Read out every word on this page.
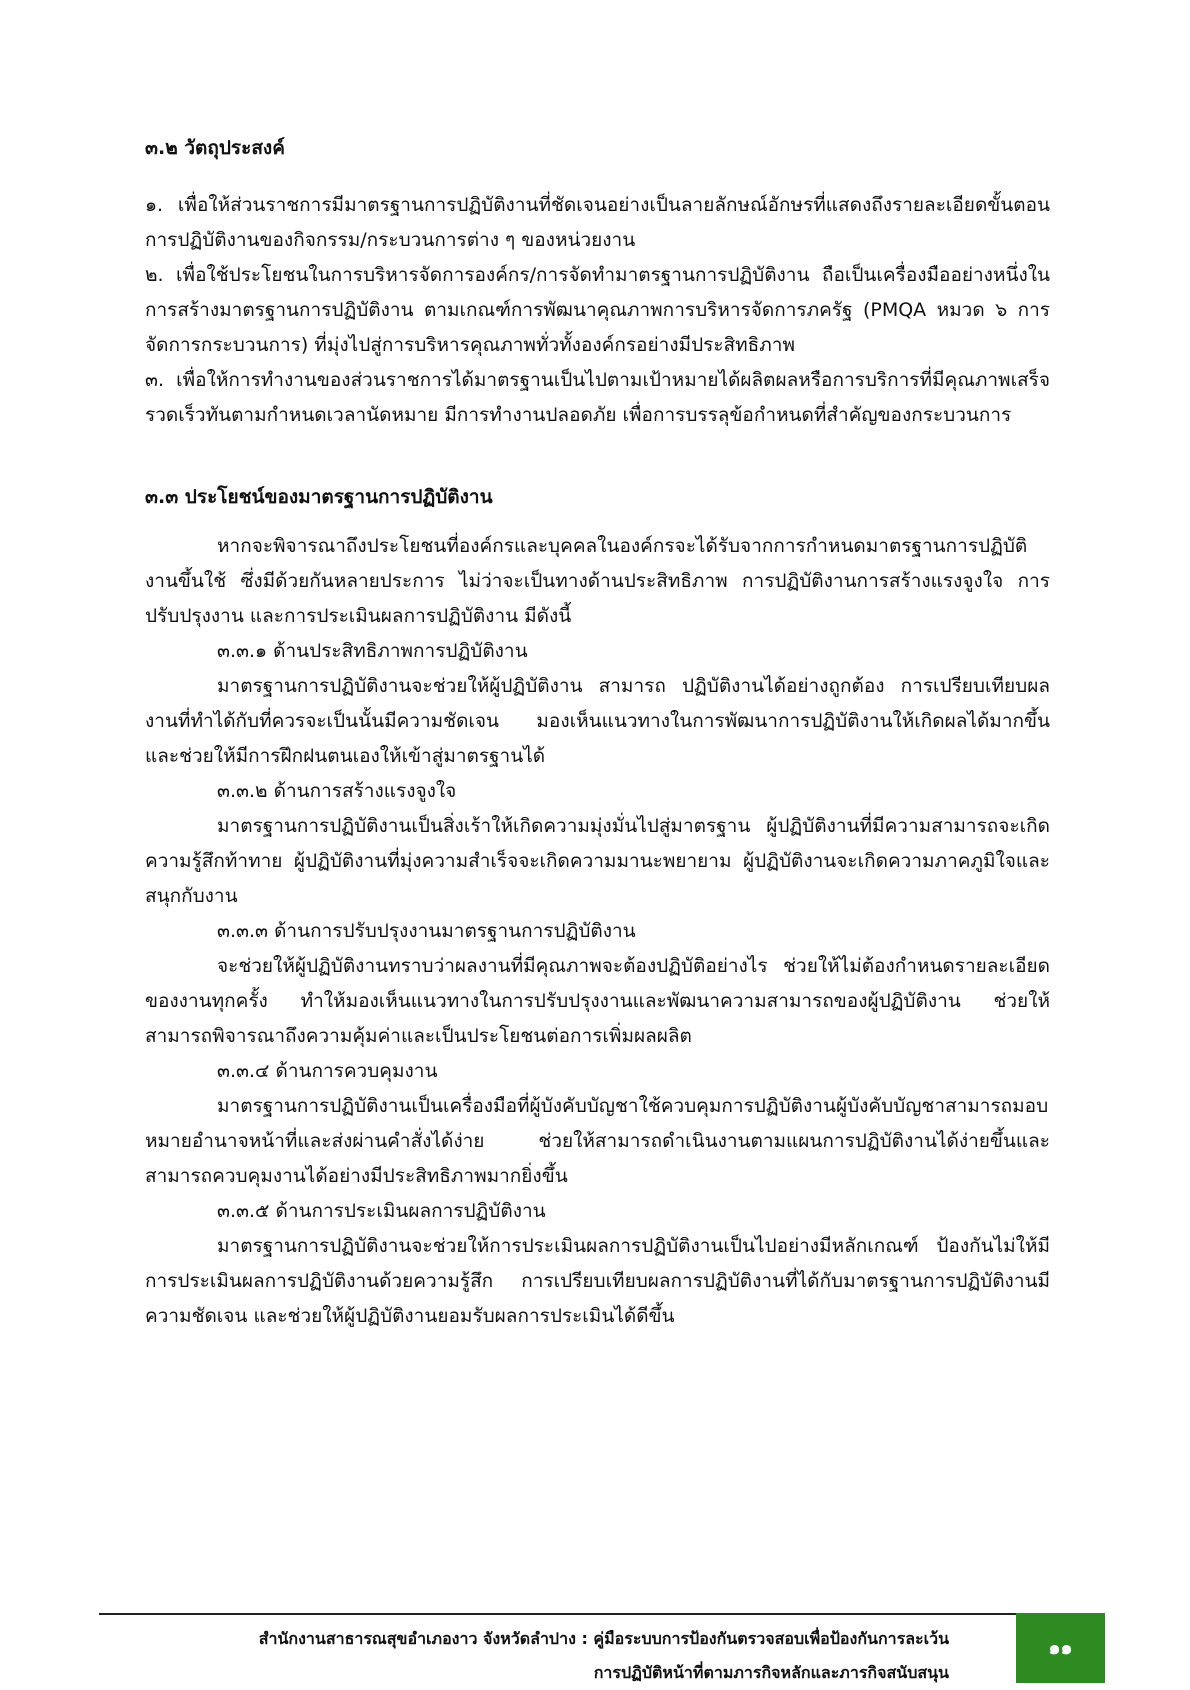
๓.๒ วัตถุประสงค์

๑. เพื่อให้ส่วนราชการมีมาตรฐานการปฏิบัติงานที่ชัดเจนอย่างเป็นลายลักษณ์อักษรที่แสดงถึงรายละเอียดขั้นตอนการปฏิบัติงานของกิจกรรม/กระบวนการต่าง ๆ ของหน่วยงาน

๒. เพื่อใช้ประโยชนในการบริหารจัดการองค์กร/การจัดทำมาตรฐานการปฏิบัติงาน ถือเป็นเครื่องมืออย่างหนึ่งในการสร้างมาตรฐานการปฏิบัติงาน ตามเกณฑ์การพัฒนาคุณภาพการบริหารจัดการภครัฐ (PMQA หมวด ๖ การจัดการกระบวนการ) ที่มุ่งไปสู่การบริหารคุณภาพทั่วทั้งองค์กรอย่างมีประสิทธิภาพ

๓. เพื่อให้การทำงานของส่วนราชการได้มาตรฐานเป็นไปตามเป้าหมายได้ผลิตผลหรือการบริการที่มีคุณภาพเสร็จรวดเร็วทันตามกำหนดเวลานัดหมาย มีการทำงานปลอดภัย เพื่อการบรรลุข้อกำหนดที่สำคัญของกระบวนการ

๓.๓ ประโยชน์ของมาตรฐานการปฏิบัติงาน

หากจะพิจารณาถึงประโยชนที่องค์กรและบุคคลในองค์กรจะได้รับจากการกำหนดมาตรฐานการปฏิบัติงานขึ้นใช้ ซึ่งมีด้วยกันหลายประการ ไม่ว่าจะเป็นทางด้านประสิทธิภาพ การปฏิบัติงานการสร้างแรงจูงใจ การปรับปรุงงาน และการประเมินผลการปฏิบัติงาน มีดังนี้

๓.๓.๑ ด้านประสิทธิภาพการปฏิบัติงาน

มาตรฐานการปฏิบัติงานจะช่วยให้ผู้ปฏิบัติงาน สามารถ ปฏิบัติงานได้อย่างถูกต้อง การเปรียบเทียบผลงานที่ทำได้กับที่ควรจะเป็นนั้นมีความชัดเจน มองเห็นแนวทางในการพัฒนาการปฏิบัติงานให้เกิดผลได้มากขึ้น และช่วยให้มีการฝึกฝนตนเองให้เข้าสู่มาตรฐานได้

๓.๓.๒ ด้านการสร้างแรงจูงใจ

มาตรฐานการปฏิบัติงานเป็นสิ่งเร้าให้เกิดความมุ่งมั่นไปสู่มาตรฐาน ผู้ปฏิบัติงานที่มีความสามารถจะเกิดความรู้สึกท้าทาย ผู้ปฏิบัติงานที่มุ่งความสำเร็จจะเกิดความมานะพยายาม ผู้ปฏิบัติงานจะเกิดความภาคภูมิใจและสนุกกับงาน

๓.๓.๓ ด้านการปรับปรุงงานมาตรฐานการปฏิบัติงาน

จะช่วยให้ผู้ปฏิบัติงานทราบว่าผลงานที่มีคุณภาพจะต้องปฏิบัติอย่างไร ช่วยให้ไม่ต้องกำหนดรายละเอียดของงานทุกครั้ง ทำให้มองเห็นแนวทางในการปรับปรุงงานและพัฒนาความสามารถของผู้ปฏิบัติงาน ช่วยให้สามารถพิจารณาถึงความคุ้มค่าและเป็นประโยชนต่อการเพิ่มผลผลิต

๓.๓.๔ ด้านการควบคุมงาน

มาตรฐานการปฏิบัติงานเป็นเครื่องมือที่ผู้บังคับบัญชาใช้ควบคุมการปฏิบัติงานผู้บังคับบัญชาสามารถมอบหมายอำนาจหน้าที่และส่งผ่านคำสั่งได้ง่าย ช่วยให้สามารถดำเนินงานตามแผนการปฏิบัติงานได้ง่ายขึ้นและสามารถควบคุมงานได้อย่างมีประสิทธิภาพมากยิ่งขึ้น

๓.๓.๕ ด้านการประเมินผลการปฏิบัติงาน

มาตรฐานการปฏิบัติงานจะช่วยให้การประเมินผลการปฏิบัติงานเป็นไปอย่างมีหลักเกณฑ์ ป้องกันไม่ให้มีการประเมินผลการปฏิบัติงานด้วยความรู้สึก การเปรียบเทียบผลการปฏิบัติงานที่ได้กับมาตรฐานการปฏิบัติงานมีความชัดเจน และช่วยให้ผู้ปฏิบัติงานยอมรับผลการประเมินได้ดีขึ้น

สำนักงานสาธารณสุขอำเภองาว จังหวัดลำปาง : คู่มือระบบการป้องกันตรวจสอบเพื่อป้องกันการละเว้น
การปฏิบัติหน้าที่ตามภารกิจหลักและภารกิจสนับสนุน
๑๑
